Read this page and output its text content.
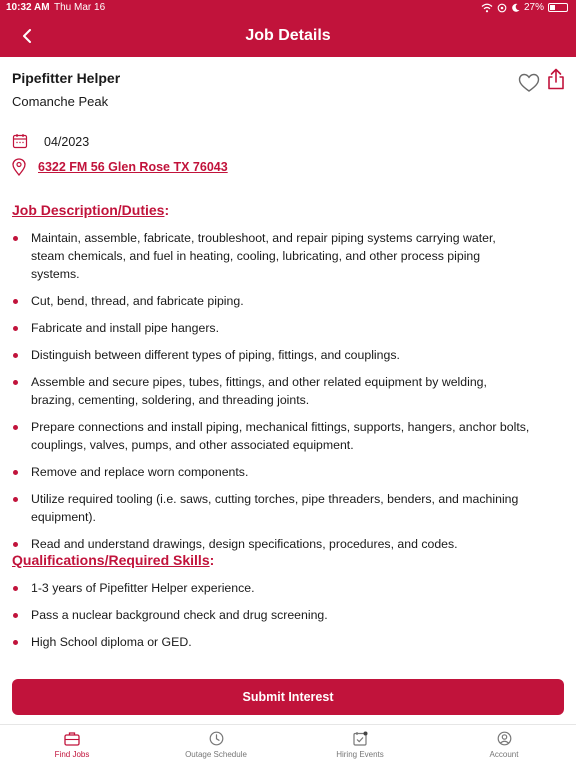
10:32 AM Thu Mar 16	27%
Job Details
Pipefitter Helper
Comanche Peak
04/2023
6322 FM 56 Glen Rose TX 76043
Job Description/Duties:
Maintain, assemble, fabricate, troubleshoot, and repair piping systems carrying water, steam chemicals, and fuel in heating, cooling, lubricating, and other process piping systems.
Cut, bend, thread, and fabricate piping.
Fabricate and install pipe hangers.
Distinguish between different types of piping, fittings, and couplings.
Assemble and secure pipes, tubes, fittings, and other related equipment by welding, brazing, cementing, soldering, and threading joints.
Prepare connections and install piping, mechanical fittings, supports, hangers, anchor bolts, couplings, valves, pumps, and other associated equipment.
Remove and replace worn components.
Utilize required tooling (i.e. saws, cutting torches, pipe threaders, benders, and machining equipment).
Read and understand drawings, design specifications, procedures, and codes.
Qualifications/Required Skills:
1-3 years of Pipefitter Helper experience.
Pass a nuclear background check and drug screening.
High School diploma or GED.
Submit Interest
Find Jobs	Outage Schedule	Hiring Events	Account
